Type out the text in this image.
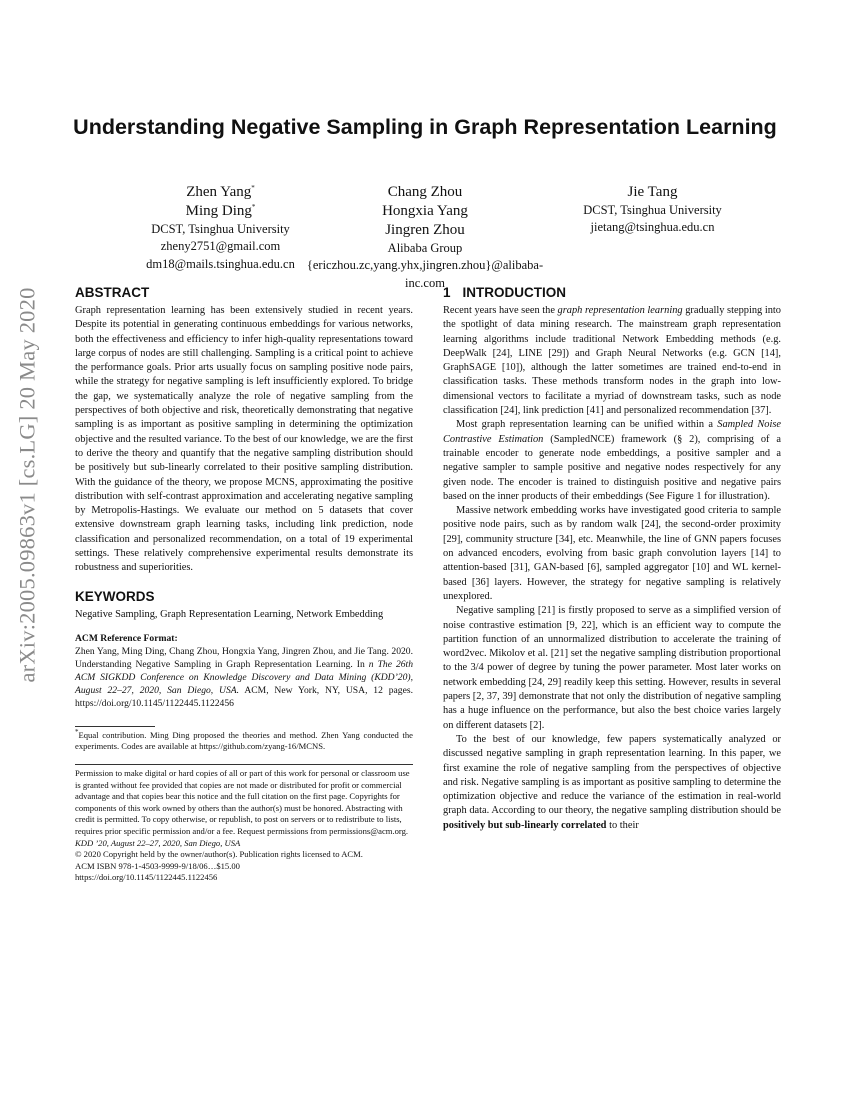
arXiv:2005.09863v1 [cs.LG] 20 May 2020
Understanding Negative Sampling in Graph Representation Learning
Zhen Yang*
Ming Ding*
DCST, Tsinghua University
zheny2751@gmail.com
dm18@mails.tsinghua.edu.cn
Chang Zhou
Hongxia Yang
Jingren Zhou
Alibaba Group
{ericzhou.zc,yang.yhx,jingren.zhou}@alibaba-inc.com
Jie Tang
DCST, Tsinghua University
jietang@tsinghua.edu.cn
ABSTRACT

Graph representation learning has been extensively studied in recent years. Despite its potential in generating continuous embeddings for various networks, both the effectiveness and efficiency to infer high-quality representations toward large corpus of nodes are still challenging. Sampling is a critical point to achieve the performance goals. Prior arts usually focus on sampling positive node pairs, while the strategy for negative sampling is left insufficiently explored. To bridge the gap, we systematically analyze the role of negative sampling from the perspectives of both objective and risk, theoretically demonstrating that negative sampling is as important as positive sampling in determining the optimization objective and the resulted variance. To the best of our knowledge, we are the first to derive the theory and quantify that the negative sampling distribution should be positively but sub-linearly correlated to their positive sampling distribution. With the guidance of the theory, we propose MCNS, approximating the positive distribution with self-contrast approximation and accelerating negative sampling by Metropolis-Hastings. We evaluate our method on 5 datasets that cover extensive downstream graph learning tasks, including link prediction, node classification and personalized recommendation, on a total of 19 experimental settings. These relatively comprehensive experimental results demonstrate its robustness and superiorities.

KEYWORDS

Negative Sampling, Graph Representation Learning, Network Embedding

ACM Reference Format:

Zhen Yang, Ming Ding, Chang Zhou, Hongxia Yang, Jingren Zhou, and Jie Tang. 2020. Understanding Negative Sampling in Graph Representation Learning. In n The 26th ACM SIGKDD Conference on Knowledge Discovery and Data Mining (KDD’20), August 22–27, 2020, San Diego, USA. ACM, New York, NY, USA, 12 pages. https://doi.org/10.1145/1122445.1122456

*Equal contribution. Ming Ding proposed the theories and method. Zhen Yang conducted the experiments. Codes are available at https://github.com/zyang-16/MCNS.

Permission to make digital or hard copies of all or part of this work for personal or classroom use is granted without fee provided that copies are not made or distributed for profit or commercial advantage and that copies bear this notice and the full citation on the first page. Copyrights for components of this work owned by others than the author(s) must be honored. Abstracting with credit is permitted. To copy otherwise, or republish, to post on servers or to redistribute to lists, requires prior specific permission and/or a fee. Request permissions from permissions@acm.org.

KDD ’20, August 22–27, 2020, San Diego, USA

© 2020 Copyright held by the owner/author(s). Publication rights licensed to ACM.

ACM ISBN 978-1-4503-9999-9/18/06…$15.00

https://doi.org/10.1145/1122445.1122456

1 INTRODUCTION

Recent years have seen the graph representation learning gradually stepping into the spotlight of data mining research. The mainstream graph representation learning algorithms include traditional Network Embedding methods (e.g. DeepWalk [24], LINE [29]) and Graph Neural Networks (e.g. GCN [14], GraphSAGE [10]), although the latter sometimes are trained end-to-end in classification tasks. These methods transform nodes in the graph into low-dimensional vectors to facilitate a myriad of downstream tasks, such as node classification [24], link prediction [41] and personalized recommendation [37].

Most graph representation learning can be unified within a Sampled Noise Contrastive Estimation (SampledNCE) framework (§ 2), comprising of a trainable encoder to generate node embeddings, a positive sampler and a negative sampler to sample positive and negative nodes respectively for any given node. The encoder is trained to distinguish positive and negative pairs based on the inner products of their embeddings (See Figure 1 for illustration).

Massive network embedding works have investigated good criteria to sample positive node pairs, such as by random walk [24], the second-order proximity [29], community structure [34], etc. Meanwhile, the line of GNN papers focuses on advanced encoders, evolving from basic graph convolution layers [14] to attention-based [31], GAN-based [6], sampled aggregator [10] and WL kernel-based [36] layers. However, the strategy for negative sampling is relatively unexplored.

Negative sampling [21] is firstly proposed to serve as a simplified version of noise contrastive estimation [9, 22], which is an efficient way to compute the partition function of an unnormalized distribution to accelerate the training of word2vec. Mikolov et al. [21] set the negative sampling distribution proportional to the 3/4 power of degree by tuning the power parameter. Most later works on network embedding [24, 29] readily keep this setting. However, results in several papers [2, 37, 39] demonstrate that not only the distribution of negative sampling has a huge influence on the performance, but also the best choice varies largely on different datasets [2].

To the best of our knowledge, few papers systematically analyzed or discussed negative sampling in graph representation learning. In this paper, we first examine the role of negative sampling from the perspectives of objective and risk. Negative sampling is as important as positive sampling to determine the optimization objective and reduce the variance of the estimation in real-world graph data. According to our theory, the negative sampling distribution should be positively but sub-linearly correlated to their
